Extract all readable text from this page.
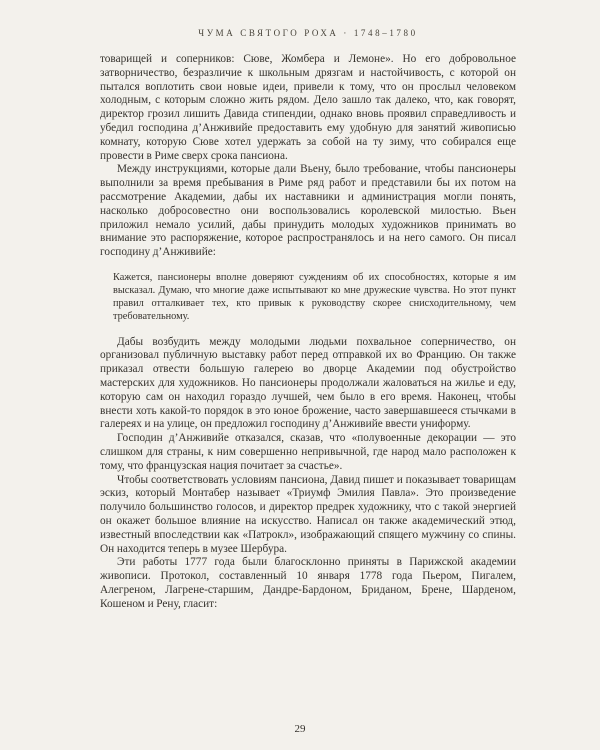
ЧУМА СВЯТОГО РОХА · 1748–1780

товарищей и соперников: Сюве, Жомбера и Лемоне». Но его добровольное затворничество, безразличие к школьным дрязгам и настойчивость, с которой он пытался воплотить свои новые идеи, привели к тому, что он прослыл человеком холодным, с которым сложно жить рядом. Дело зашло так далеко, что, как говорят, директор грозил лишить Давида стипендии, однако вновь проявил справедливость и убедил господина д’Анживийе предоставить ему удобную для занятий живописью комнату, которую Сюве хотел удержать за собой на ту зиму, что собирался еще провести в Риме сверх срока пансиона.

Между инструкциями, которые дали Вьену, было требование, чтобы пансионеры выполнили за время пребывания в Риме ряд работ и представили бы их потом на рассмотрение Академии, дабы их наставники и администрация могли понять, насколько добросовестно они воспользовались королевской милостью. Вьен приложил немало усилий, дабы принудить молодых художников принимать во внимание это распоряжение, которое распространялось и на него самого. Он писал господину д’Анживийе:

Кажется, пансионеры вполне доверяют суждениям об их способностях, которые я им высказал. Думаю, что многие даже испытывают ко мне дружеские чувства. Но этот пункт правил отталкивает тех, кто привык к руководству скорее снисходительному, чем требовательному.

Дабы возбудить между молодыми людьми похвальное соперничество, он организовал публичную выставку работ перед отправкой их во Францию. Он также приказал отвести большую галерею во дворце Академии под обустройство мастерских для художников. Но пансионеры продолжали жаловаться на жилье и еду, которую сам он находил гораздо лучшей, чем было в его время. Наконец, чтобы внести хоть какой-то порядок в это юное брожение, часто завершавшееся стычками в галереях и на улице, он предложил господину д’Анживийе ввести униформу.

Господин д’Анживийе отказался, сказав, что «полувоенные декорации — это слишком для страны, к ним совершенно непривычной, где народ мало расположен к тому, что французская нация почитает за счастье».

Чтобы соответствовать условиям пансиона, Давид пишет и показывает товарищам эскиз, который Монтабер называет «Триумф Эмилия Павла». Это произведение получило большинство голосов, и директор предрек художнику, что с такой энергией он окажет большое влияние на искусство. Написал он также академический этюд, известный впоследствии как «Патрокл», изображающий спящего мужчину со спины. Он находится теперь в музее Шербура.

Эти работы 1777 года были благосклонно приняты в Парижской академии живописи. Протокол, составленный 10 января 1778 года Пьером, Пигалем, Алегреном, Лагрене-старшим, Дандре-Бардоном, Бриданом, Брене, Шарденом, Кошеном и Рену, гласит:

29
